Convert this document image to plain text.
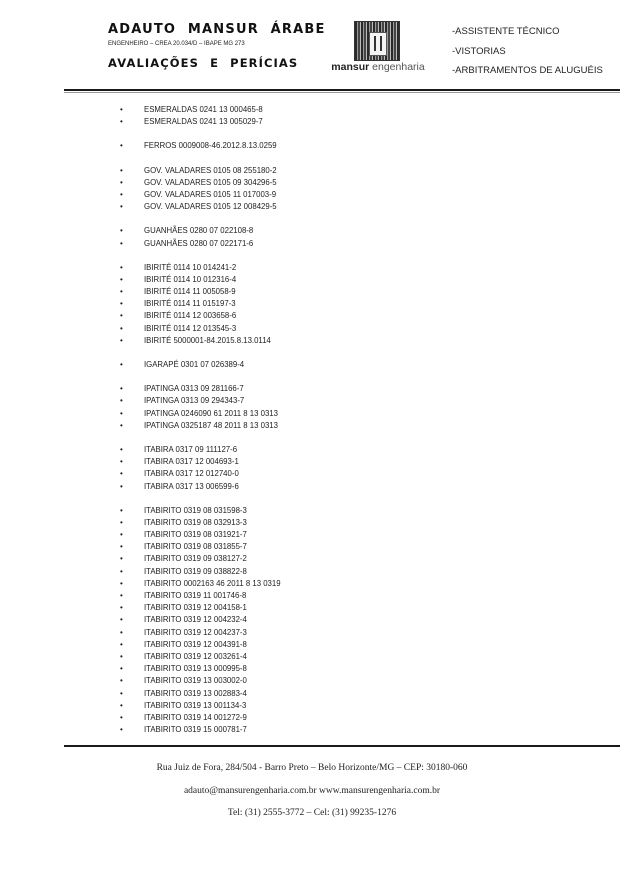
ADAUTO MANSUR ÁRABE
ENGENHEIRO – CREA 20.034/D – IBAPE MG 273
AVALIAÇÕES E PERÍCIAS	mansur engenharia
-ASSISTENTE TÉCNICO
-VISTORIAS
-ARBITRAMENTOS DE ALUGUÉIS
•	ESMERALDAS 0241 13 000465-8
•	ESMERALDAS 0241 13 005029-7
•	FERROS 0009008-46.2012.8.13.0259
•	GOV. VALADARES 0105 08 255180-2
•	GOV. VALADARES 0105 09 304296-5
•	GOV. VALADARES 0105 11 017003-9
•	GOV. VALADARES 0105 12 008429-5
•	GUANHÃES 0280 07 022108-8
•	GUANHÃES 0280 07 022171-6
•	IBIRITÉ 0114 10 014241-2
•	IBIRITÉ 0114 10 012316-4
•	IBIRITÉ 0114 11 005058-9
•	IBIRITÉ 0114 11 015197-3
•	IBIRITÉ 0114 12 003658-6
•	IBIRITÉ 0114 12 013545-3
•	IBIRITÉ 5000001-84.2015.8.13.0114
•	IGARAPÉ 0301 07 026389-4
•	IPATINGA 0313 09 281166-7
•	IPATINGA 0313 09 294343-7
•	IPATINGA 0246090 61 2011 8 13 0313
•	IPATINGA 0325187 48 2011 8 13 0313
•	ITABIRA 0317 09 111127-6
•	ITABIRA 0317 12 004693-1
•	ITABIRA 0317 12 012740-0
•	ITABIRA 0317 13 006599-6
•	ITABIRITO 0319 08 031598-3
•	ITABIRITO 0319 08 032913-3
•	ITABIRITO 0319 08 031921-7
•	ITABIRITO 0319 08 031855-7
•	ITABIRITO 0319 09 038127-2
•	ITABIRITO 0319 09 038822-8
•	ITABIRITO 0002163 46 2011 8 13 0319
•	ITABIRITO 0319 11 001746-8
•	ITABIRITO 0319 12 004158-1
•	ITABIRITO 0319 12 004232-4
•	ITABIRITO 0319 12 004237-3
•	ITABIRITO 0319 12 004391-8
•	ITABIRITO 0319 12 003261-4
•	ITABIRITO 0319 13 000995-8
•	ITABIRITO 0319 13 003002-0
•	ITABIRITO 0319 13 002883-4
•	ITABIRITO 0319 13 001134-3
•	ITABIRITO 0319 14 001272-9
•	ITABIRITO 0319 15 000781-7
Rua Juiz de Fora, 284/504 - Barro Preto – Belo Horizonte/MG – CEP: 30180-060
adauto@mansurengenharia.com.br www.mansurengenharia.com.br
Tel: (31) 2555-3772 – Cel: (31) 99235-1276
